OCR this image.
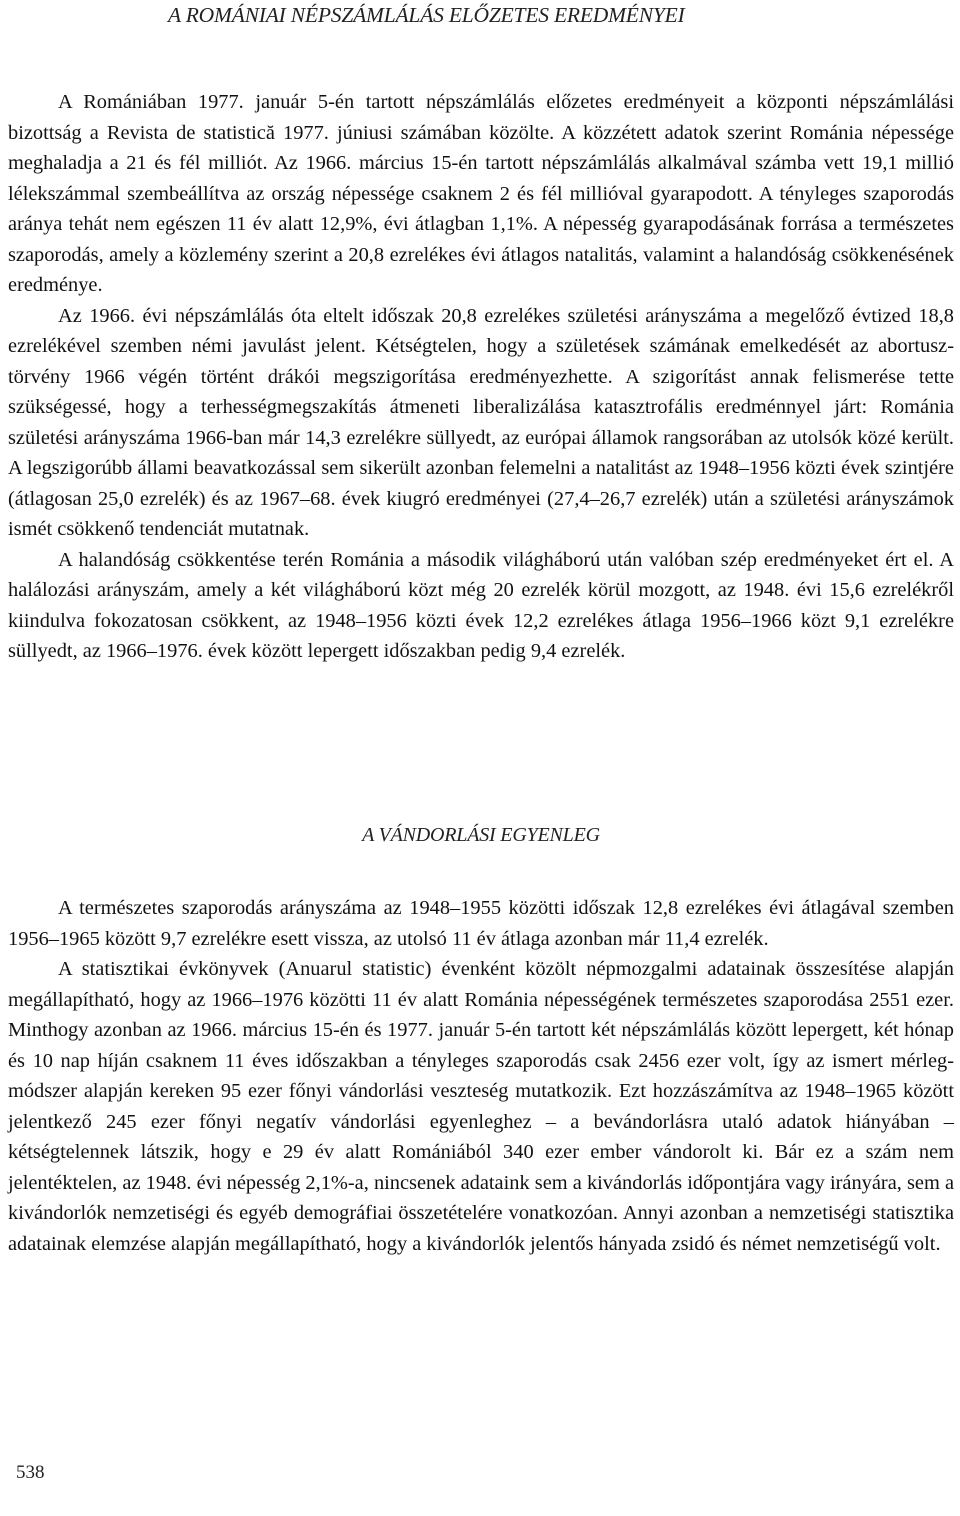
A ROMÁNIAI NÉPSZÁMLÁLÁS ELŐZETES EREDMÉNYEI

A Romániában 1977. január 5-én tartott népszámlálás előzetes eredményeit a központi népszámlálási bizottság a Revista de statistică 1977. júniusi számában közölte. A közzétett adatok szerint Románia népessége meghaladja a 21 és fél milliót. Az 1966. március 15-én tartott népszámlálás alkalmával számba vett 19,1 millió lélekszámmal szembeállítva az ország népessége csaknem 2 és fél millióval gyarapodott. A tényleges szaporodás aránya tehát nem egészen 11 év alatt 12,9%, évi átlagban 1,1%. A népesség gyarapodásának forrása a természetes szaporodás, amely a közlemény szerint a 20,8 ezrelékes évi átlagos natalitás, valamint a halandóság csökkenésének eredménye.

Az 1966. évi népszámlálás óta eltelt időszak 20,8 ezrelékes születési arányszáma a megelőző évtized 18,8 ezrelékével szemben némi javulást jelent. Kétségtelen, hogy a születések számának emelkedését az abortusz-törvény 1966 végén történt drákói megszigorítása eredményezhette. A szigorítást annak felismerése tette szükségessé, hogy a terhességmegszakítás átmeneti liberalizálása katasztrofális eredménnyel járt: Románia születési arányszáma 1966-ban már 14,3 ezrelékre süllyedt, az európai államok rangsorában az utolsók közé került. A legszigorúbb állami beavatkozással sem sikerült azonban felemelni a natalitást az 1948–1956 közti évek szintjére (átlagosan 25,0 ezrelék) és az 1967–68. évek kiugró eredményei (27,4–26,7 ezrelék) után a születési arányszámok ismét csökkenő tendenciát mutatnak.

A halandóság csökkentése terén Románia a második világháború után valóban szép eredményeket ért el. A halálozási arányszám, amely a két világháború közt még 20 ezrelék körül mozgott, az 1948. évi 15,6 ezrelékről kiindulva fokozatosan csökkent, az 1948–1956 közti évek 12,2 ezrelékes átlaga 1956–1966 közt 9,1 ezrelékre süllyedt, az 1966–1976. évek között lepergett időszakban pedig 9,4 ezrelék.

A VÁNDORLÁSI EGYENLEG

A természetes szaporodás arányszáma az 1948–1955 közötti időszak 12,8 ezrelékes évi átlagával szemben 1956–1965 között 9,7 ezrelékre esett vissza, az utolsó 11 év átlaga azonban már 11,4 ezrelék.

A statisztikai évkönyvek (Anuarul statistic) évenként közölt népmozgalmi adatainak összesítése alapján megállapítható, hogy az 1966–1976 közötti 11 év alatt Románia népességének természetes szaporodása 2551 ezer. Minthogy azonban az 1966. március 15-én és 1977. január 5-én tartott két népszámlálás között lepergett, két hónap és 10 nap híján csaknem 11 éves időszakban a tényleges szaporodás csak 2456 ezer volt, így az ismert mérlegmódszer alapján kereken 95 ezer főnyi vándorlási veszteség mutatkozik. Ezt hozzászámítva az 1948–1965 között jelentkező 245 ezer főnyi negatív vándorlási egyenleghez – a bevándorlásra utaló adatok hiányában – kétségtelennek látszik, hogy e 29 év alatt Romániából 340 ezer ember vándorolt ki. Bár ez a szám nem jelentéktelen, az 1948. évi népesség 2,1%-a, nincsenek adataink sem a kivándorlás időpontjára vagy irányára, sem a kivándorlók nemzetiségi és egyéb demográfiai összetételére vonatkozóan. Annyi azonban a nemzetiségi statisztika adatainak elemzése alapján megállapítható, hogy a kivándorlók jelentős hányada zsidó és német nemzetiségű volt.

538
